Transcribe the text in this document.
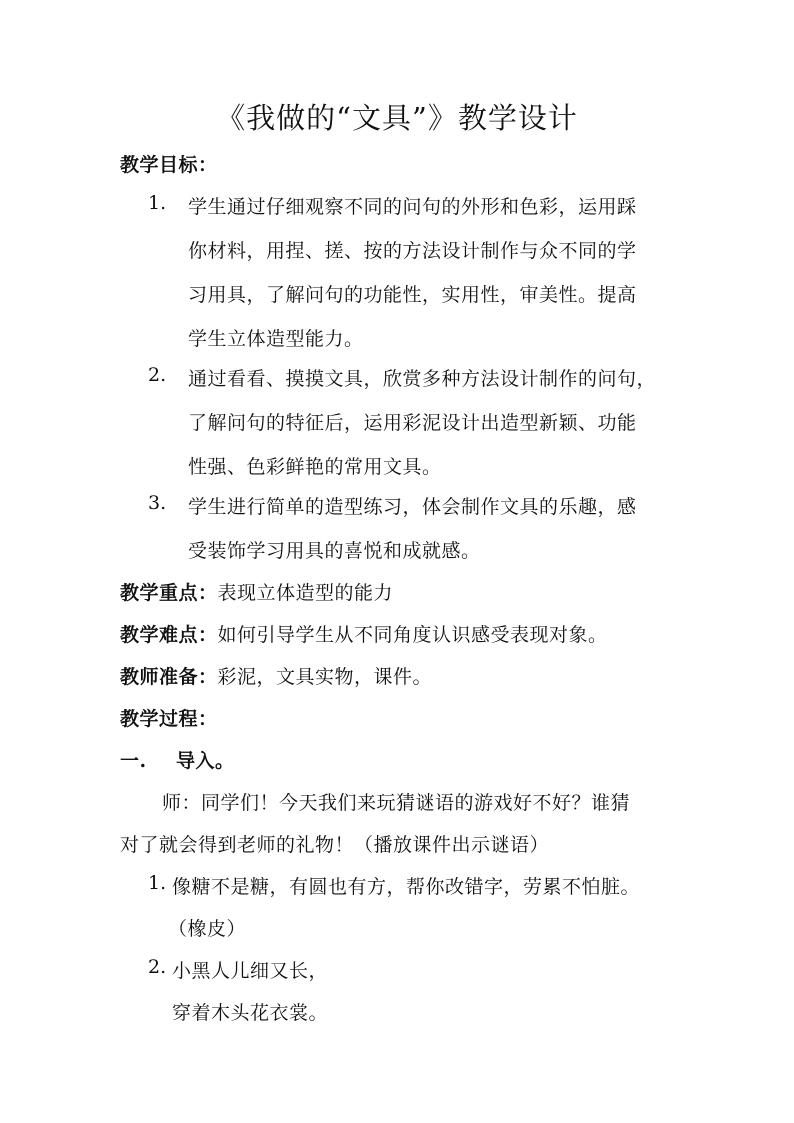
《我做的“文具”》教学设计
教学目标：
1. 学生通过仔细观察不同的问句的外形和色彩，运用踩
你材料，用捏、搓、按的方法设计制作与众不同的学
习用具，了解问句的功能性，实用性，审美性。提高
学生立体造型能力。
2. 通过看看、摸摸文具，欣赏多种方法设计制作的问句，
了解问句的特征后，运用彩泥设计出造型新颖、功能
性强、色彩鲜艳的常用文具。
3. 学生进行简单的造型练习，体会制作文具的乐趣，感
受装饰学习用具的喜悦和成就感。
教学重点：表现立体造型的能力
教学难点：如何引导学生从不同角度认识感受表现对象。
教师准备：彩泥，文具实物，课件。
教学过程：
一. 导入。
师：同学们！今天我们来玩猜谜语的游戏好不好？谁猜
对了就会得到老师的礼物！（播放课件出示谜语）
1. 像糖不是糖，有圆也有方，帮你改错字，劳累不怕脏。
（橡皮）
2. 小黑人儿细又长，
穿着木头花衣裳。
